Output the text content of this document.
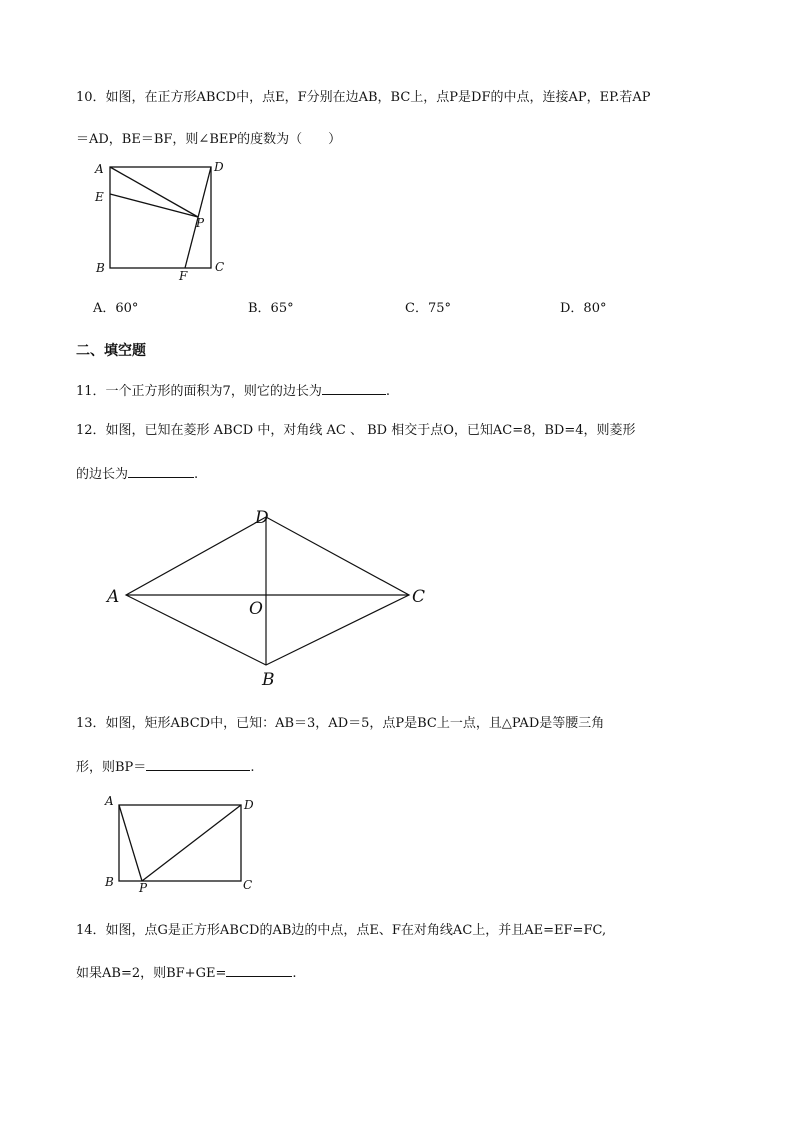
10．如图，在正方形ABCD中，点E，F分别在边AB，BC上，点P是DF的中点，连接AP，EP.若AP
＝AD，BE＝BF，则∠BEP的度数为（　　）
A
E
B
D
P
C
F
A．60°	B．65°	C．75°	D．80°
二、填空题
11．一个正方形的面积为7，则它的边长为	.
12．如图，已知在菱形 ABCD 中，对角线 AC 、 BD 相交于点O，已知AC=8，BD=4，则菱形
的边长为	.
D
A	C
O
B
13．如图，矩形ABCD中，已知：AB＝3，AD＝5，点P是BC上一点，且△PAD是等腰三角
形，则BP＝	.
A	D
B P	C
14．如图，点G是正方形ABCD的AB边的中点，点E、F在对角线AC上，并且AE=EF=FC,
如果AB=2，则BF+GE=	.
